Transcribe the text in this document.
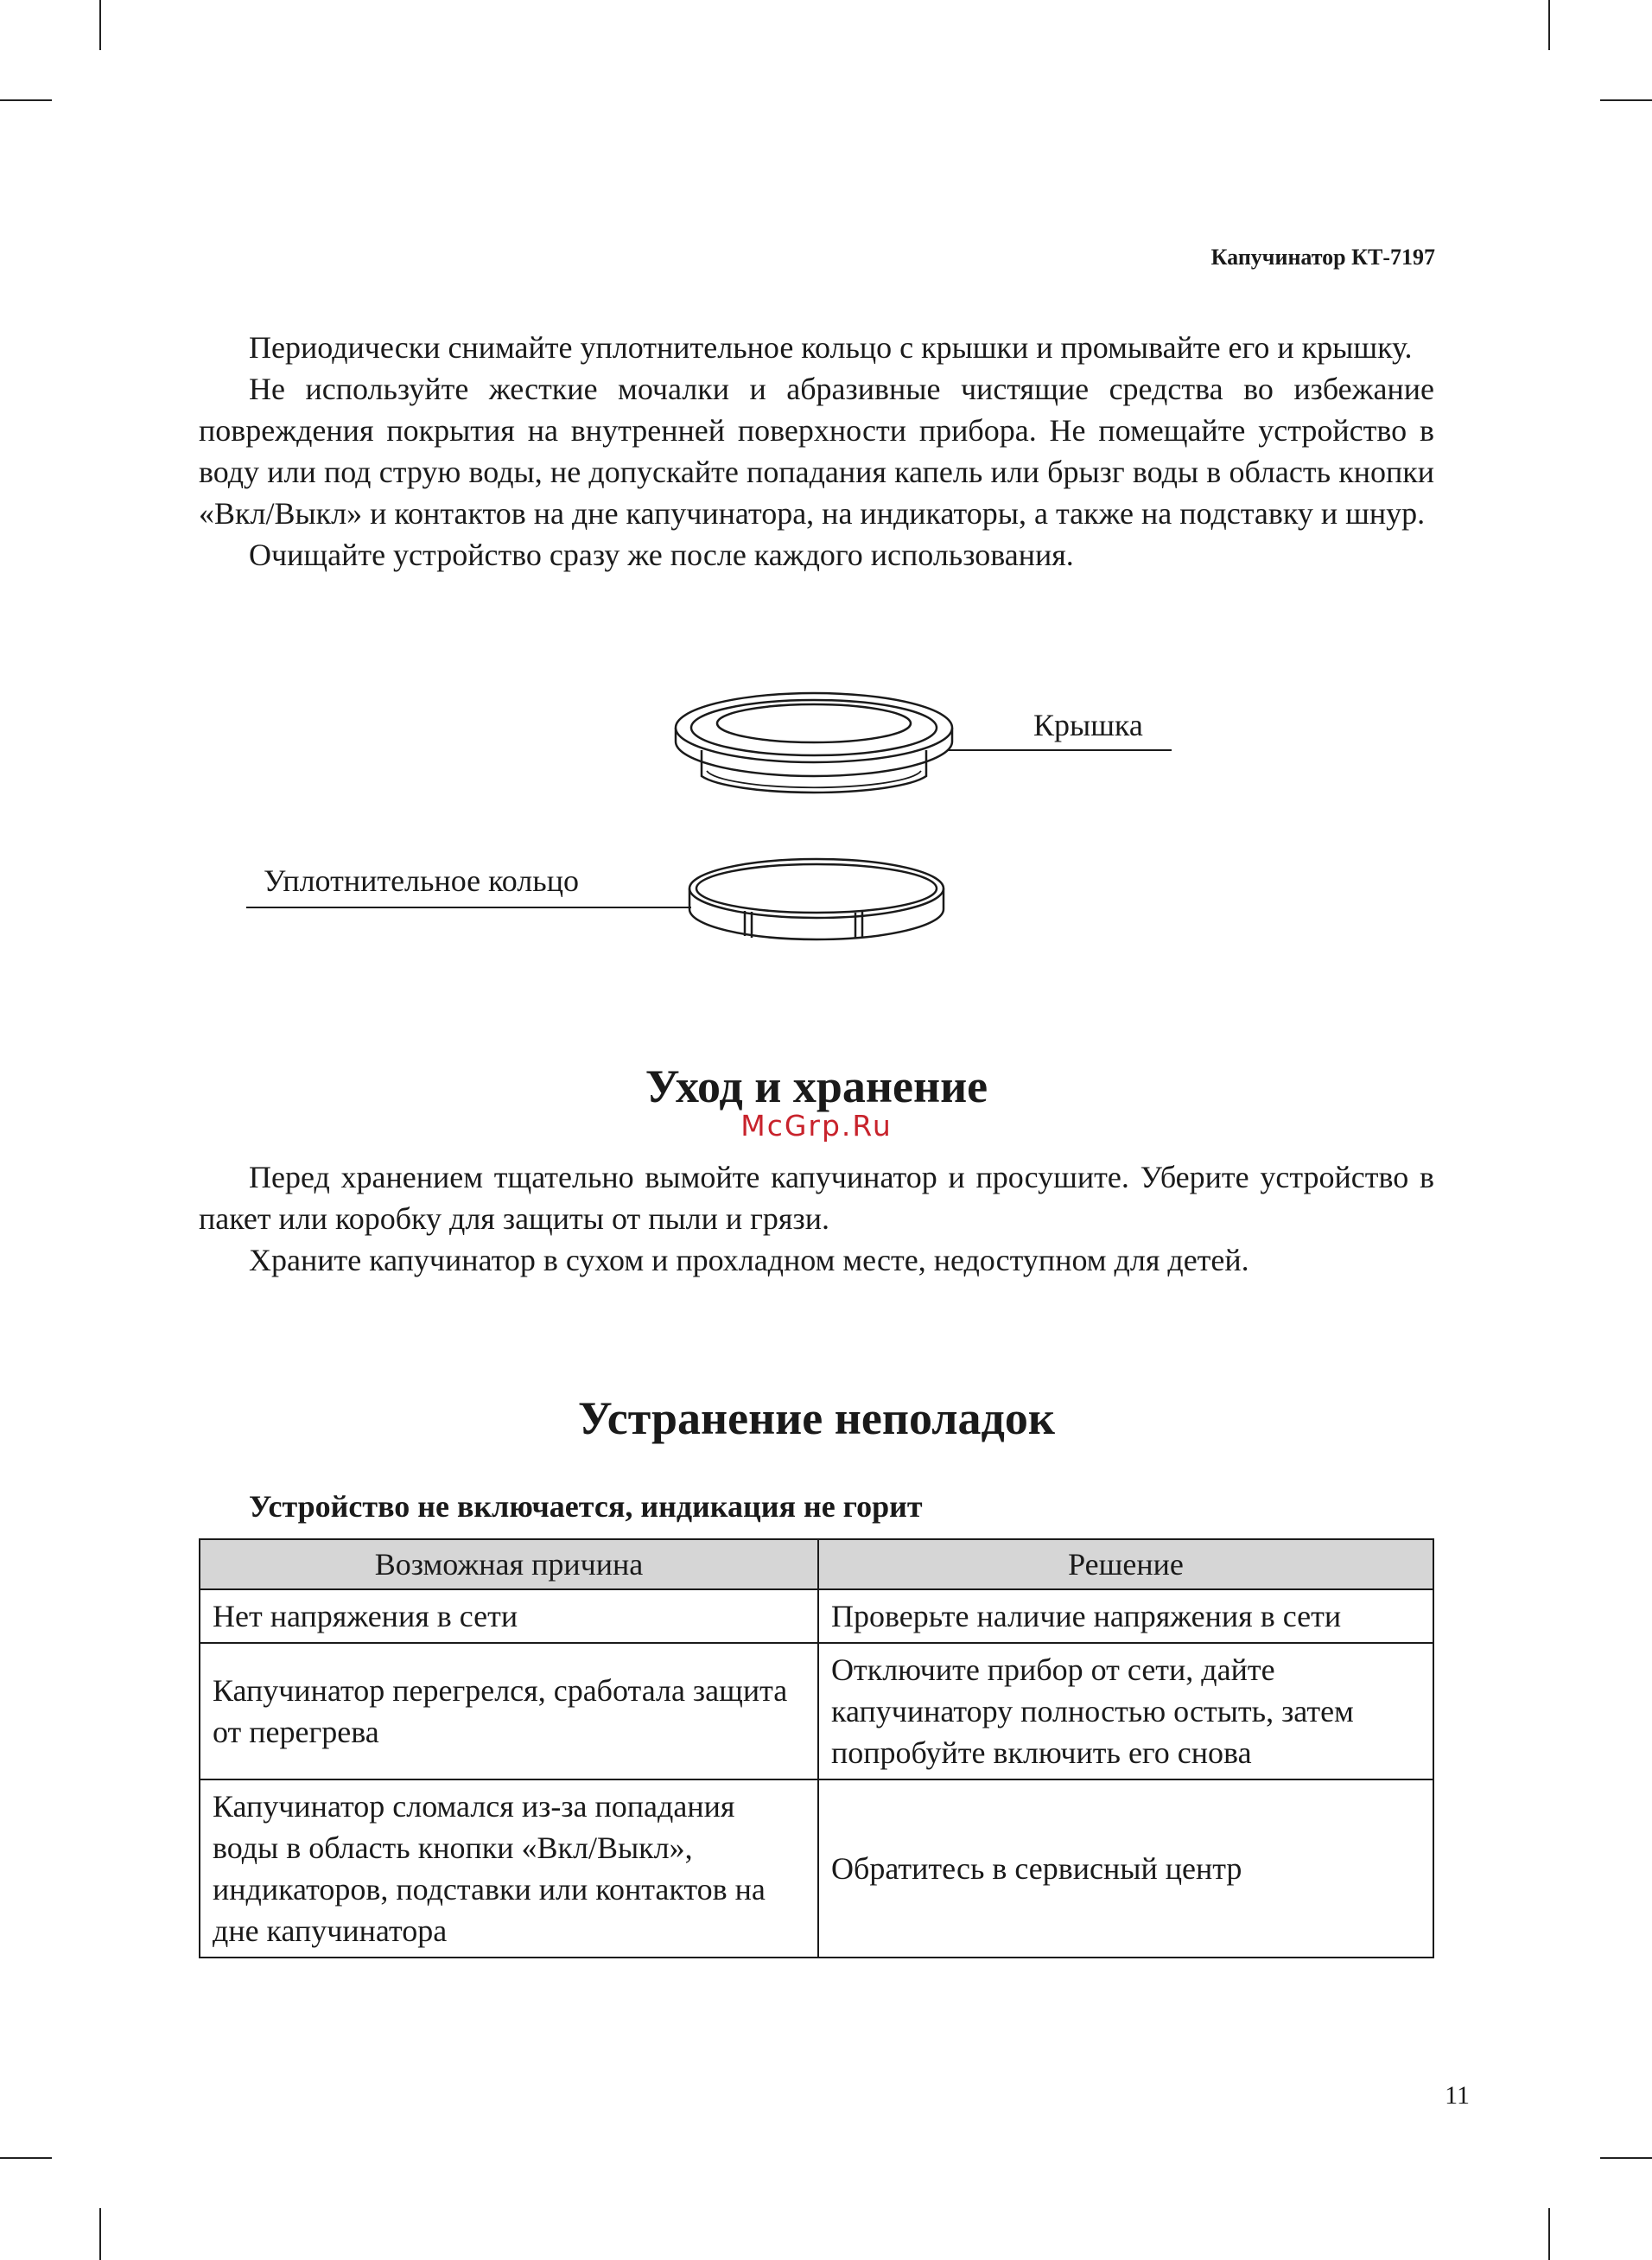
Капучинатор КТ-7197

Периодически снимайте уплотнительное кольцо с крышки и промывайте его и крышку.

Не используйте жесткие мочалки и абразивные чистящие средства во избежание повреждения покрытия на внутренней поверхности прибора. Не помещайте устройство в воду или под струю воды, не допускайте попадания капель или брызг воды в область кнопки «Вкл/Выкл» и контактов на дне капучинатора, на индикаторы, а также на подставку и шнур.

Очищайте устройство сразу же после каждого использования.

Крышка
Уплотнительное кольцо
Уход и хранение
McGrp.Ru

Перед хранением тщательно вымойте капучинатор и просушите. Уберите устройство в пакет или коробку для защиты от пыли и грязи.

Храните капучинатор в сухом и прохладном месте, недоступном для детей.

Устранение неполадок
Устройство не включается, индикация не горит
Возможная причина	Решение
Нет напряжения в сети	Проверьте наличие напряжения в сети
Капучинатор перегрелся, сработала защита от перегрева	Отключите прибор от сети, дайте капучинатору полностью остыть, затем попробуйте включить его снова
Капучинатор сломался из-за попадания воды в область кнопки «Вкл/Выкл», индикаторов, подставки или контактов на дне капучинатора	Обратитесь в сервисный центр
11
